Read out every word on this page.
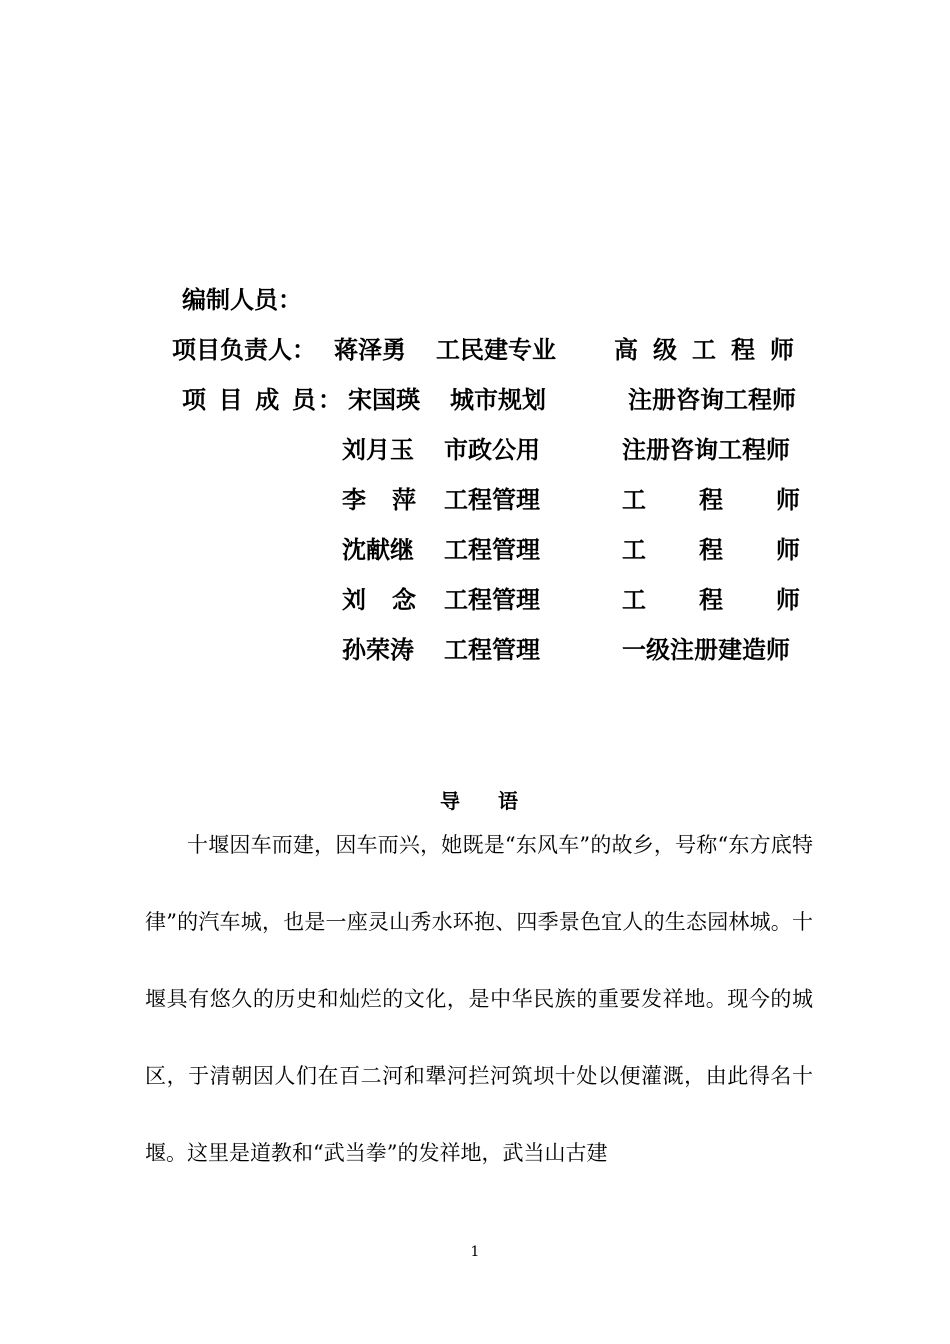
编制人员：
项目负责人： 蒋泽勇 工民建专业 高 级 工 程 师
项 目 成 员： 宋国瑛 城市规划	注册咨询工程师
刘月玉 市政公用	注册咨询工程师
李 萍 工程管理	工 程 师
沈献继 工程管理	工 程 师
刘 念 工程管理	工 程 师
孙荣涛 工程管理	一级注册建造师
导 语

十堰因车而建，因车而兴，她既是“东风车”的故乡，号称“东方底特律”的汽车城，也是一座灵山秀水环抱、四季景色宜人的生态园林城。十堰具有悠久的历史和灿烂的文化，是中华民族的重要发祥地。现今的城区，于清朝因人们在百二河和犟河拦河筑坝十处以便灌溉，由此得名十堰。这里是道教和“武当拳”的发祥地，武当山古建

1
